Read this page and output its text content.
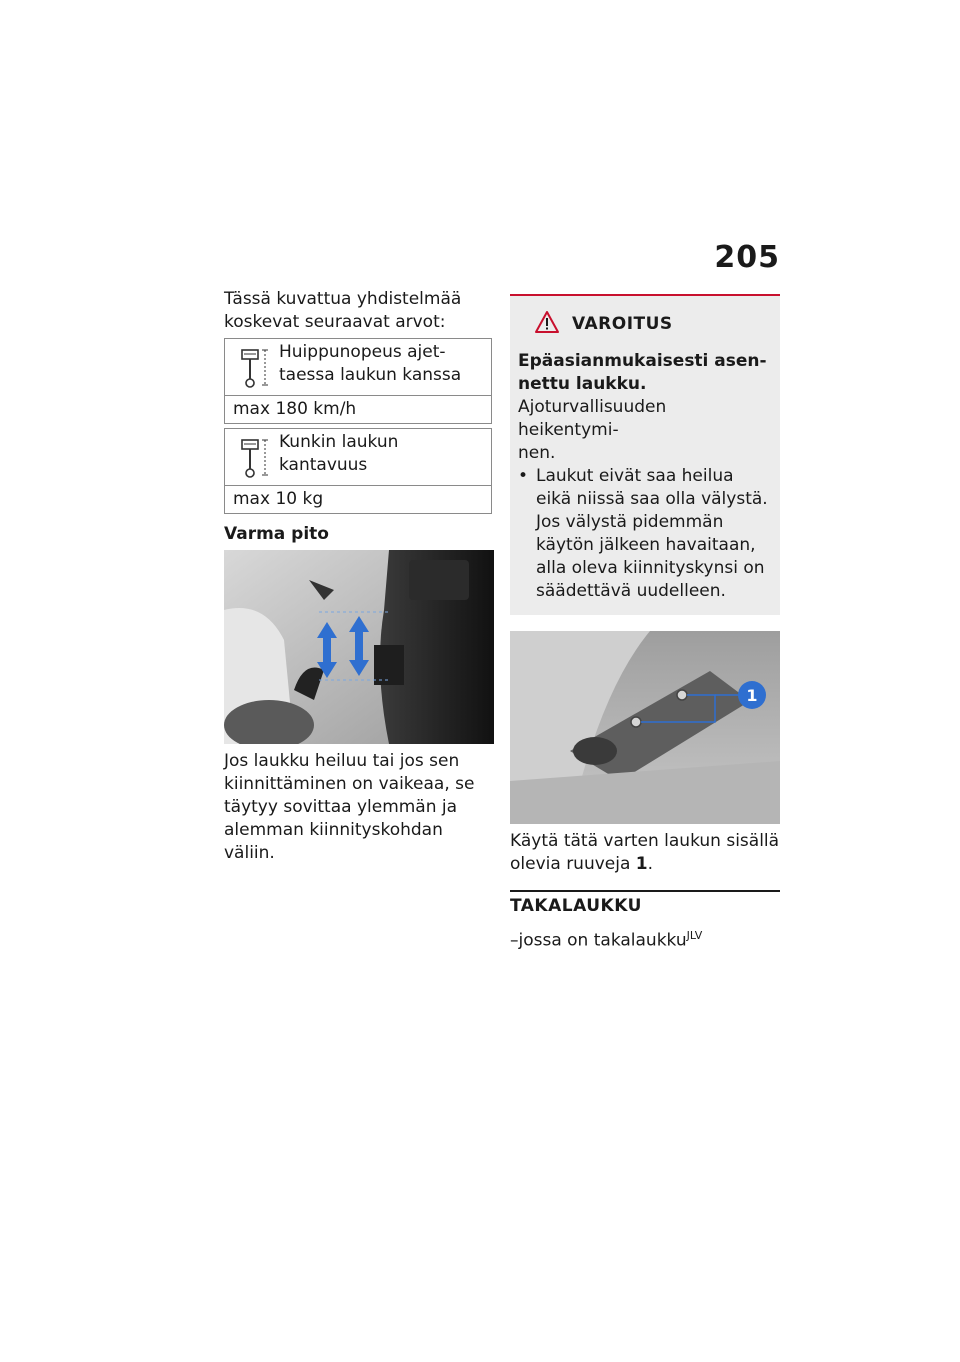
205

Tässä kuvattua yhdistelmää koskevat seuraavat arvot:

Huippunopeus ajet-
taessa laukun kanssa
max 180 km/h
Kunkin laukun kantavuus
max 10 kg

Varma pito

Jos laukku heiluu tai jos sen kiinnittäminen on vaikeaa, se täytyy sovittaa ylemmän ja alemman kiinnityskohdan väliin.

VAROITUS

Epäasianmukaisesti asen-
nettu laukku.

Ajoturvallisuuden heikentymi-
nen.

• Laukut eivät saa heilua eikä niissä saa olla välystä. Jos välystä pidemmän käytön jälkeen havaitaan, alla oleva kiinnityskynsi on säädettävä uudelleen.
1

Käytä tätä varten laukun sisällä olevia ruuveja 1.

TAKALAUKKU

–jossa on takalaukku$^{JLV}$
